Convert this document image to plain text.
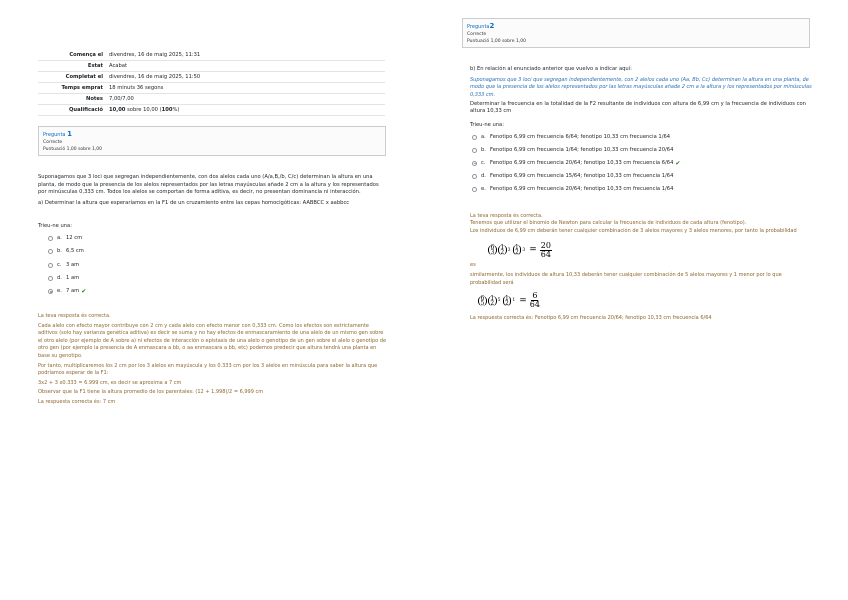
Comença el	divendres, 16 de maig 2025, 11:31
Estat	Acabat
Completat el	divendres, 16 de maig 2025, 11:50
Temps emprat	18 minuts 36 segons
Notes	7,00/7,00
Qualificació	10,00 sobre 10,00 (100%)
Pregunta 1
Correcte
Puntuació 1,00 sobre 1,00

Suponagamos que 3 loci que segregan independientemente, con dos alelos cada uno (A/a,B,/b, C/c) determinan la altura en una planta, de modo que la presencia de los alelos representados por las letras mayúsculas añade 2 cm a la altura y los representados por minúsculas 0,333 cm. Todos los alelos se comportan de forma aditiva, es decir, no presentan dominancia ni interacción.

a) Determinar la altura que esperaríamos en la F1 de un cruzamiento entre las cepas homocigóticas: AABBCC x aabbcc

Trieu-ne una:
a. 12 cm
b. 6,5 cm
c. 3 am
d. 1 am
e. 7 am ✔

La teva resposta és correcta.

Cada alelo con efecto mayor contribuye con 2 cm y cada alelo con efecto menor con 0,333 cm. Como los efectos son estrictamente aditivos (solo hay varianza genética aditiva) es decir se suma y no hay efectos de enmascaramiento de una alelo de un mismo gen sobre el otro alelo (por ejemplo de A sobre a) ni efectos de interacción o epistasis de una alelo o genotipo de un gen sobre el alelo o genotipo de otro gen (por ejemplo la presencia de A enmascara a bb, o aa enmascara a bb, etc) podemos predecir que altura tendrá una planta en base su genotipo.

Por tanto, multiplicaremos los 2 cm por los 3 alelos en mayúscula y los 0.333 cm por los 3 alelos en minúscula para saber la altura que podríamos esperar de la F1:

3x2 + 3 x0.333 = 6.999 cm, es decir se aproxima a 7 cm

Observar que la F1 tiene la altura promedio de los parentales: (12 + 1,998)/2 = 6,999 cm

La respuesta correcta és: 7 cm

Pregunta2
Correcte
Puntuació 1,00 sobre 1,00

b) En relación al enunciado anterior que vuelvo a indicar aquí:

Suponagamos que 3 loci que segregan independientemente, con 2 alelos cada uno (Aa, Bb, Cc) determinan la altura en una planta, de modo que la presencia de los alelos representados por las letras mayúsculas añade 2 cm a la altura y los representados por minúsculas 0,333 cm.

Determinar la frecuencia en la totalidad de la F2 resultante de individuos con altura de 6,99 cm y la frecuencia de individuos con altura 10,33 cm

Trieu-ne una:
a. Fenotipo 6,99 cm frecuencia 6/64; fenotipo 10,33 cm frecuencia 1/64
b. Fenotipo 6,99 cm frecuencia 1/64; fenotipo 10,33 cm frecuencia 20/64
c. Fenotipo 6,99 cm frecuencia 20/64; fenotipo 10,33 cm frecuencia 6/64 ✔
d. Fenotipo 6,99 cm frecuencia 15/64; fenotipo 10,33 cm frecuencia 1/64
e. Fenotipo 6,99 cm frecuencia 20/64; fenotipo 10,33 cm frecuencia 1/64

La teva resposta és correcta.

Tenemos que utilizar el binomio de Newton para calcular la frecuencia de individuos de cada altura (fenotipo).

Los individuos de 6,99 cm deberán tener cualquier combinación de 3 alelos mayores y 3 alelos menores, por tanto la probabilidad

6
3
1
2 3 1
2 $3 = \frac{20}{64}$

es

similarmente, los individuos de altura 10,33 deberán tener cualquier combinación de 5 alelos mayores y 1 menor por lo que probabilidad será

6
5
1
2 5 1
2 $1 = \frac{6}{64}$

La respuesta correcta és: Fenotipo 6,99 cm frecuencia 20/64; fenotipo 10,33 cm frecuencia 6/64
